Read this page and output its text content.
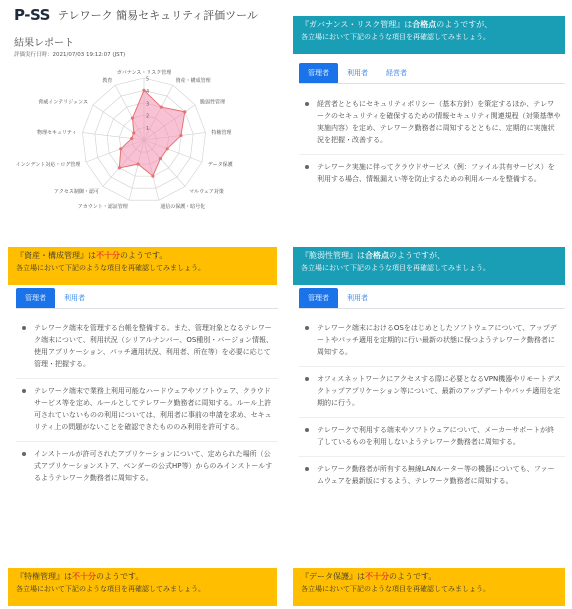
P-SS テレワーク 簡易セキュリティ評価ツール
結果レポート
評価実行日時：2021/07/03 19:12:07 (JST)
1
2
3
4
5
ガバナンス・リスク管理
資産・構成管理
脆弱性管理
特権管理
データ保護
マルウェア対策
通信の保護・暗号化
アカウント・認証管理
アクセス制御・認可
インシデント対応・ログ管理
物理セキュリティ
脅威インテリジェンス
教育
『ガバナンス・リスク管理』は合格点のようですが、
各立場において下記のような項目を再確認してみましょう。
管理者	利用者	経営者
経営者とともにセキュリティポリシー（基本方針）を策定するほか、テレワークのセキュリティを確保するための情報セキュリティ関連規程（対策基準や実施内容）を定め、テレワーク勤務者に周知するとともに、定期的に実施状況を把握・改善する。
テレワーク実施に伴ってクラウドサービス（例：ファイル共有サービス）を利用する場合、情報漏えい等を防止するための利用ルールを整備する。
『資産・構成管理』は不十分のようです。
各立場において下記のような項目を再確認してみましょう。
管理者	利用者
テレワーク端末を管理する台帳を整備する。また、管理対象となるテレワーク端末について、利用状況（シリアルナンバー、OS種別・バージョン情報、使用アプリケーション、パッチ適用状況、利用者、所在等）を必要に応じて管理・把握する。
テレワーク端末で業務上利用可能なハードウェアやソフトウェア、クラウドサービス等を定め、ルールとしてテレワーク勤務者に周知する。ルール上許可されていないものの利用については、利用者に事前の申請を求め、セキュリティ上の問題がないことを確認できたもののみ利用を許可する。
インストールが許可されたアプリケーションについて、定められた場所（公式アプリケーションストア、ベンダーの公式HP等）からのみインストールするようテレワーク勤務者に周知する。
『脆弱性管理』は合格点のようですが、
各立場において下記のような項目を再確認してみましょう。
管理者	利用者
テレワーク端末におけるOSをはじめとしたソフトウェアについて、アップデートやパッチ適用を定期的に行い最新の状態に保つようテレワーク勤務者に周知する。
オフィスネットワークにアクセスする際に必要となるVPN機器やリモートデスクトップアプリケーション等について、最新のアップデートやパッチ適用を定期的に行う。
テレワークで利用する端末やソフトウェアについて、メーカーサポートが終了しているものを利用しないようテレワーク勤務者に周知する。
テレワーク勤務者が所有する無線LANルーター等の機器についても、ファームウェアを最新版にするよう、テレワーク勤務者に周知する。
『特権管理』は不十分のようです。
各立場において下記のような項目を再確認してみましょう。
『データ保護』は不十分のようです。
各立場において下記のような項目を再確認してみましょう。
